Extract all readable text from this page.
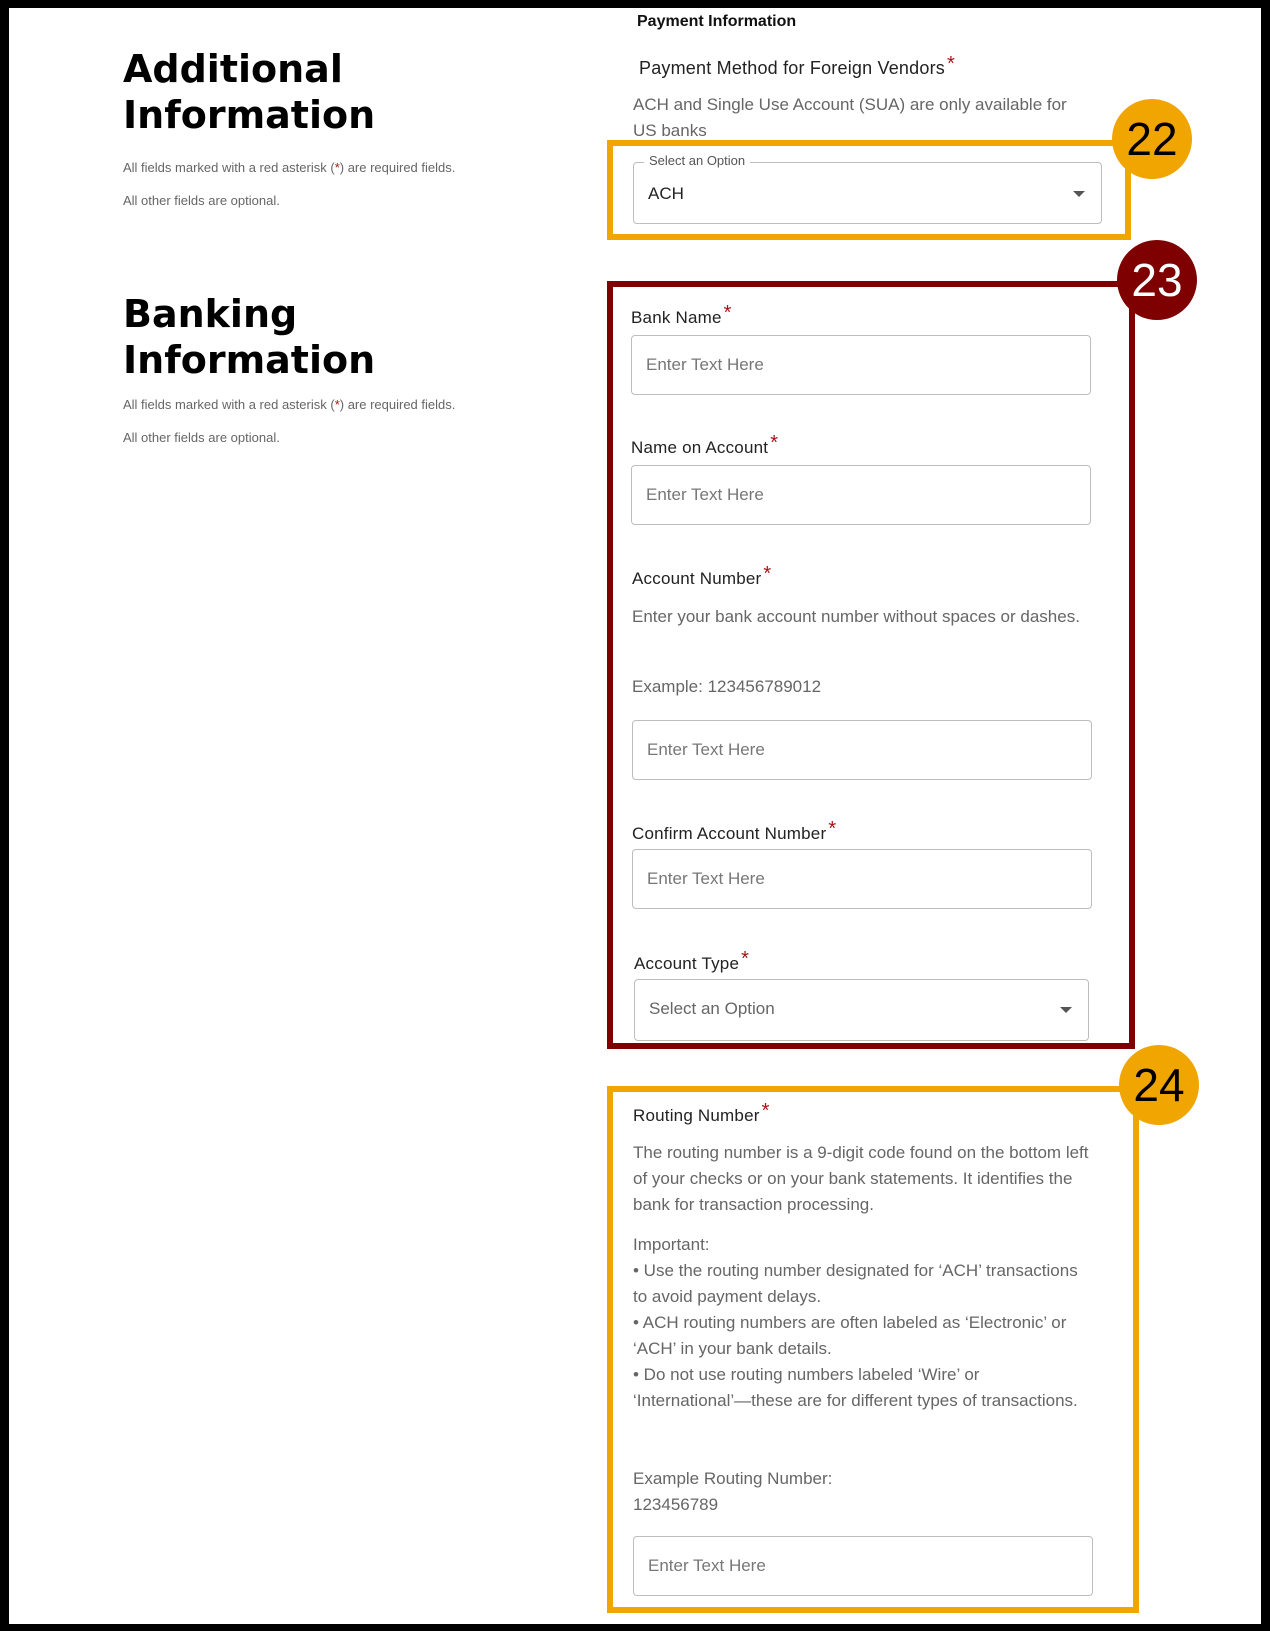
Additional Information

All fields marked with a red asterisk (*) are required fields.

All other fields are optional.

Banking Information

All fields marked with a red asterisk (*) are required fields.

All other fields are optional.

Payment Information
Payment Method for Foreign Vendors *
ACH and Single Use Account (SUA) are only available for US banks
Select an Option
ACH
Bank Name *
Enter Text Here
Name on Account *
Enter Text Here
Account Number *
Enter your bank account number without spaces or dashes.
Example: 123456789012
Enter Text Here
Confirm Account Number *
Enter Text Here
Account Type *
Select an Option
Routing Number *
The routing number is a 9-digit code found on the bottom left of your checks or on your bank statements. It identifies the bank for transaction processing.
Important:
• Use the routing number designated for ‘ACH’ transactions to avoid payment delays.
• ACH routing numbers are often labeled as ‘Electronic’ or ‘ACH’ in your bank details.
• Do not use routing numbers labeled ‘Wire’ or ‘International’—these are for different types of transactions.
Example Routing Number:
123456789
Enter Text Here
22
23
24
